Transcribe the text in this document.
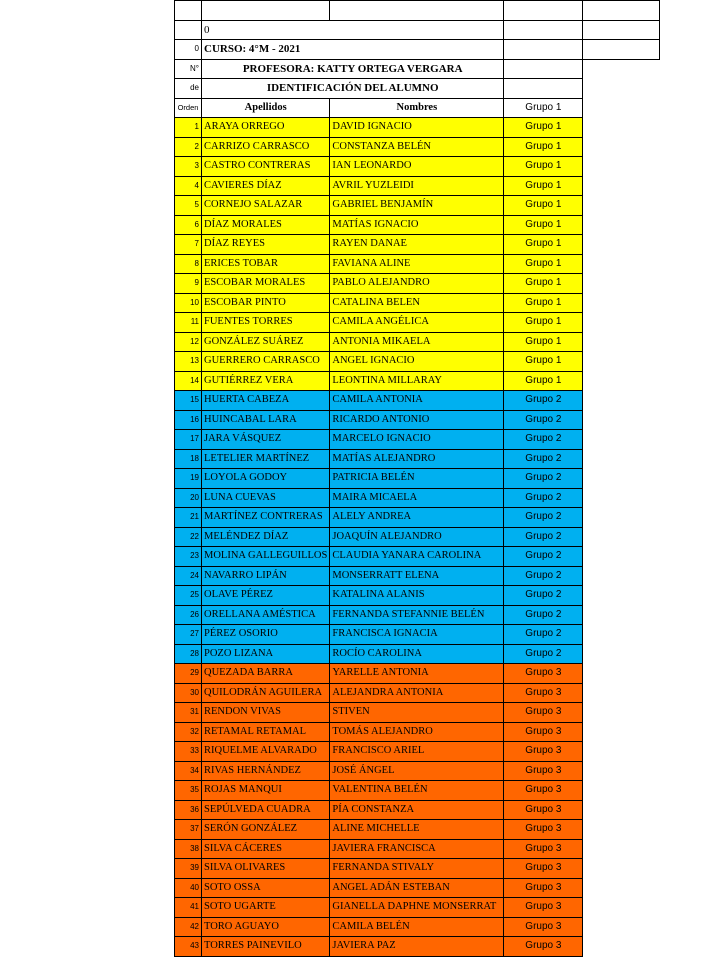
	0			
0	CURSO: 4°M - 2021			
N°	PROFESORA: KATTY ORTEGA VERGARA			
de	IDENTIFICACIÓN DEL ALUMNO			
Orden	Apellidos	Nombres	Grupo 1	
1	ARAYA ORREGO	DAVID IGNACIO	Grupo 1	
2	CARRIZO CARRASCO	CONSTANZA BELÉN	Grupo 1	
3	CASTRO CONTRERAS	IAN LEONARDO	Grupo 1	
4	CAVIERES DÍAZ	AVRIL YUZLEIDI	Grupo 1	
5	CORNEJO SALAZAR	GABRIEL BENJAMÍN	Grupo 1	
6	DÍAZ MORALES	MATÍAS IGNACIO	Grupo 1	
7	DÍAZ REYES	RAYEN DANAE	Grupo 1	
8	ERICES TOBAR	FAVIANA ALINE	Grupo 1	
9	ESCOBAR MORALES	PABLO ALEJANDRO	Grupo 1	
10	ESCOBAR PINTO	CATALINA BELEN	Grupo 1	
11	FUENTES TORRES	CAMILA ANGÉLICA	Grupo 1	
12	GONZÁLEZ SUÁREZ	ANTONIA MIKAELA	Grupo 1	
13	GUERRERO CARRASCO	ANGEL IGNACIO	Grupo 1	
14	GUTIÉRREZ VERA	LEONTINA MILLARAY	Grupo 1	
15	HUERTA CABEZA	CAMILA ANTONIA	Grupo 2	
16	HUINCABAL LARA	RICARDO ANTONIO	Grupo 2	
17	JARA VÁSQUEZ	MARCELO IGNACIO	Grupo 2	
18	LETELIER MARTÍNEZ	MATÍAS ALEJANDRO	Grupo 2	
19	LOYOLA GODOY	PATRICIA BELÉN	Grupo 2	
20	LUNA CUEVAS	MAIRA MICAELA	Grupo 2	
21	MARTÍNEZ CONTRERAS	ALELY ANDREA	Grupo 2	
22	MELÉNDEZ DÍAZ	JOAQUÍN ALEJANDRO	Grupo 2	
23	MOLINA GALLEGUILLOS	CLAUDIA YANARA CAROLINA	Grupo 2	
24	NAVARRO LIPÁN	MONSERRATT ELENA	Grupo 2	
25	OLAVE PÉREZ	KATALINA ALANIS	Grupo 2	
26	ORELLANA AMÉSTICA	FERNANDA STEFANNIE BELÉN	Grupo 2	
27	PÉREZ OSORIO	FRANCISCA IGNACIA	Grupo 2	
28	POZO LIZANA	ROCÍO CAROLINA	Grupo 2	
29	QUEZADA BARRA	YARELLE ANTONIA	Grupo 3	
30	QUILODRÁN AGUILERA	ALEJANDRA ANTONIA	Grupo 3	
31	RENDON VIVAS	STIVEN	Grupo 3	
32	RETAMAL RETAMAL	TOMÁS ALEJANDRO	Grupo 3	
33	RIQUELME ALVARADO	FRANCISCO ARIEL	Grupo 3	
34	RIVAS HERNÁNDEZ	JOSÉ ÁNGEL	Grupo 3	
35	ROJAS MANQUI	VALENTINA BELÉN	Grupo 3	
36	SEPÚLVEDA CUADRA	PÍA CONSTANZA	Grupo 3	
37	SERÓN GONZÁLEZ	ALINE MICHELLE	Grupo 3	
38	SILVA CÁCERES	JAVIERA FRANCISCA	Grupo 3	
39	SILVA OLIVARES	FERNANDA STIVALY	Grupo 3	
40	SOTO OSSA	ANGEL ADÁN ESTEBAN	Grupo 3	
41	SOTO UGARTE	GIANELLA DAPHNE MONSERRAT	Grupo 3	
42	TORO AGUAYO	CAMILA BELÉN	Grupo 3	
43	TORRES PAINEVILO	JAVIERA PAZ	Grupo 3	
